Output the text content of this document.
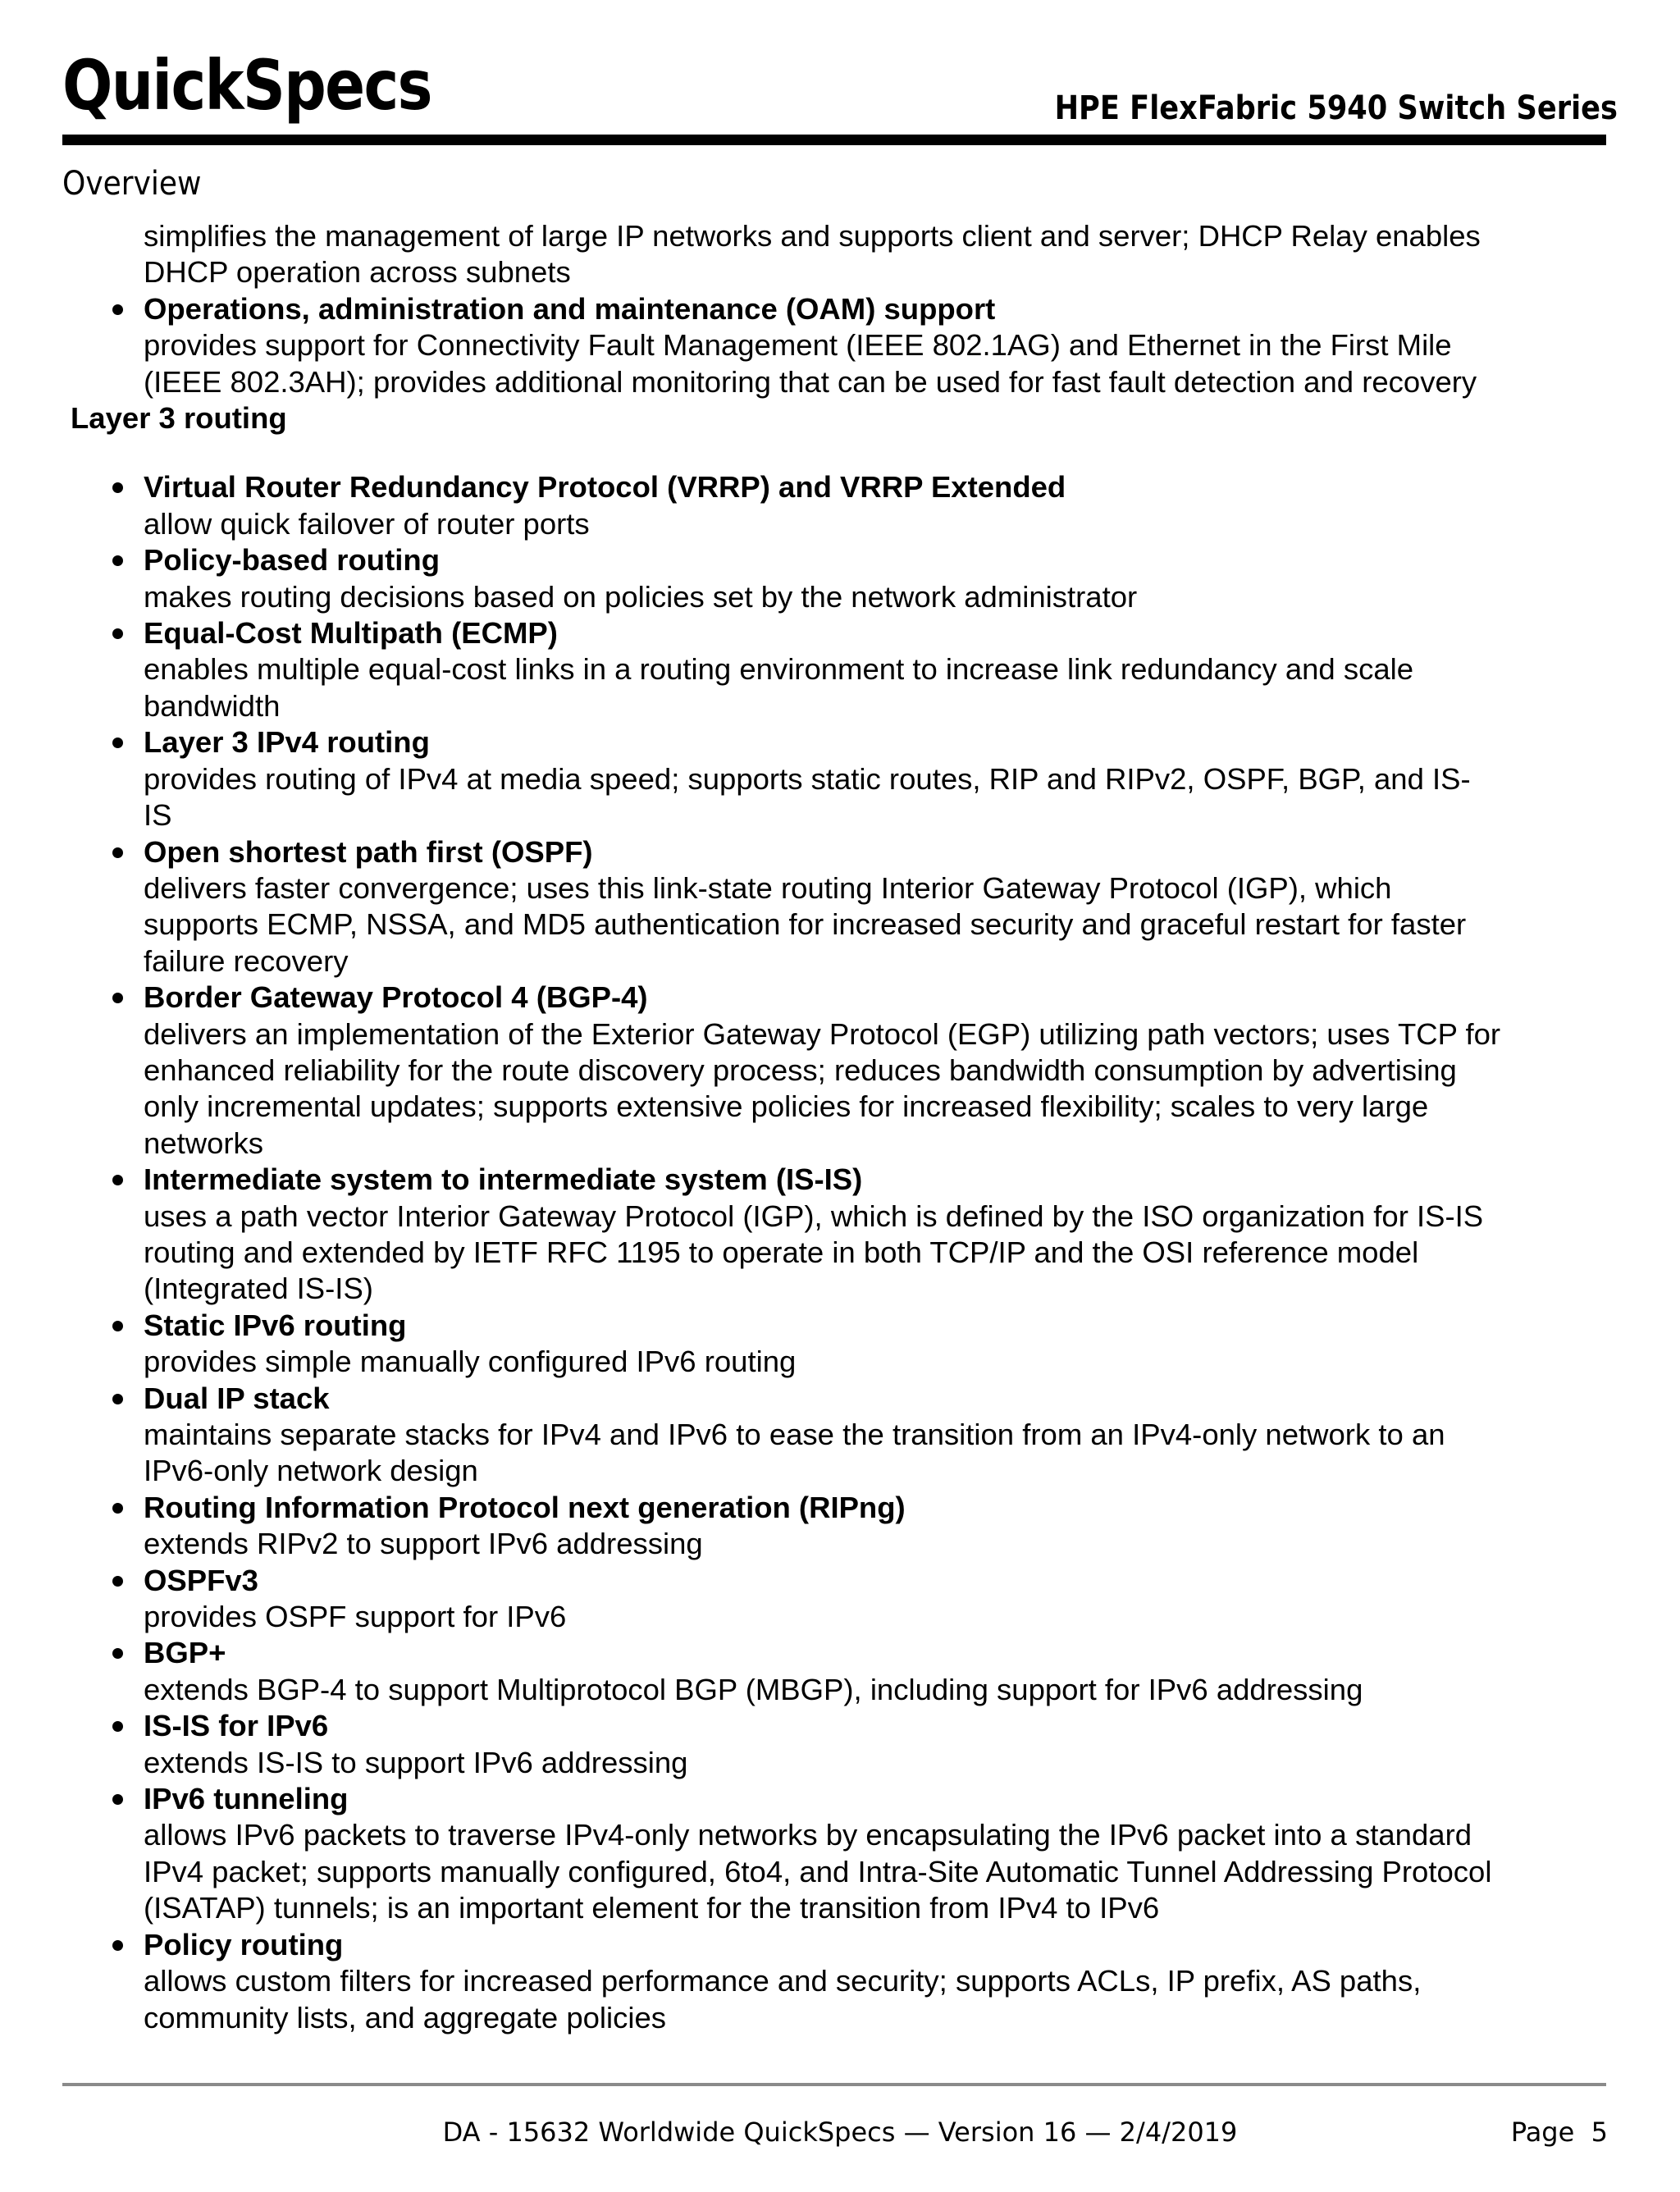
QuickSpecs	HPE FlexFabric 5940 Switch Series
Overview

simplifies the management of large IP networks and supports client and server; DHCP Relay enables

DHCP operation across subnets

Operations, administration and maintenance (OAM) support

provides support for Connectivity Fault Management (IEEE 802.1AG) and Ethernet in the First Mile

(IEEE 802.3AH); provides additional monitoring that can be used for fast fault detection and recovery

Layer 3 routing

Virtual Router Redundancy Protocol (VRRP) and VRRP Extended

allow quick failover of router ports

Policy-based routing

makes routing decisions based on policies set by the network administrator

Equal-Cost Multipath (ECMP)

enables multiple equal-cost links in a routing environment to increase link redundancy and scale

bandwidth

Layer 3 IPv4 routing

provides routing of IPv4 at media speed; supports static routes, RIP and RIPv2, OSPF, BGP, and IS-

IS

Open shortest path first (OSPF)

delivers faster convergence; uses this link-state routing Interior Gateway Protocol (IGP), which

supports ECMP, NSSA, and MD5 authentication for increased security and graceful restart for faster

failure recovery

Border Gateway Protocol 4 (BGP-4)

delivers an implementation of the Exterior Gateway Protocol (EGP) utilizing path vectors; uses TCP for

enhanced reliability for the route discovery process; reduces bandwidth consumption by advertising

only incremental updates; supports extensive policies for increased flexibility; scales to very large

networks

Intermediate system to intermediate system (IS-IS)

uses a path vector Interior Gateway Protocol (IGP), which is defined by the ISO organization for IS-IS

routing and extended by IETF RFC 1195 to operate in both TCP/IP and the OSI reference model

(Integrated IS-IS)

Static IPv6 routing

provides simple manually configured IPv6 routing

Dual IP stack

maintains separate stacks for IPv4 and IPv6 to ease the transition from an IPv4-only network to an

IPv6-only network design

Routing Information Protocol next generation (RIPng)

extends RIPv2 to support IPv6 addressing

OSPFv3

provides OSPF support for IPv6

BGP+

extends BGP-4 to support Multiprotocol BGP (MBGP), including support for IPv6 addressing

IS-IS for IPv6

extends IS-IS to support IPv6 addressing

IPv6 tunneling

allows IPv6 packets to traverse IPv4-only networks by encapsulating the IPv6 packet into a standard

IPv4 packet; supports manually configured, 6to4, and Intra-Site Automatic Tunnel Addressing Protocol

(ISATAP) tunnels; is an important element for the transition from IPv4 to IPv6

Policy routing

allows custom filters for increased performance and security; supports ACLs, IP prefix, AS paths,

community lists, and aggregate policies

DA - 15632 Worldwide QuickSpecs — Version 16 — 2/4/2019	Page  5
